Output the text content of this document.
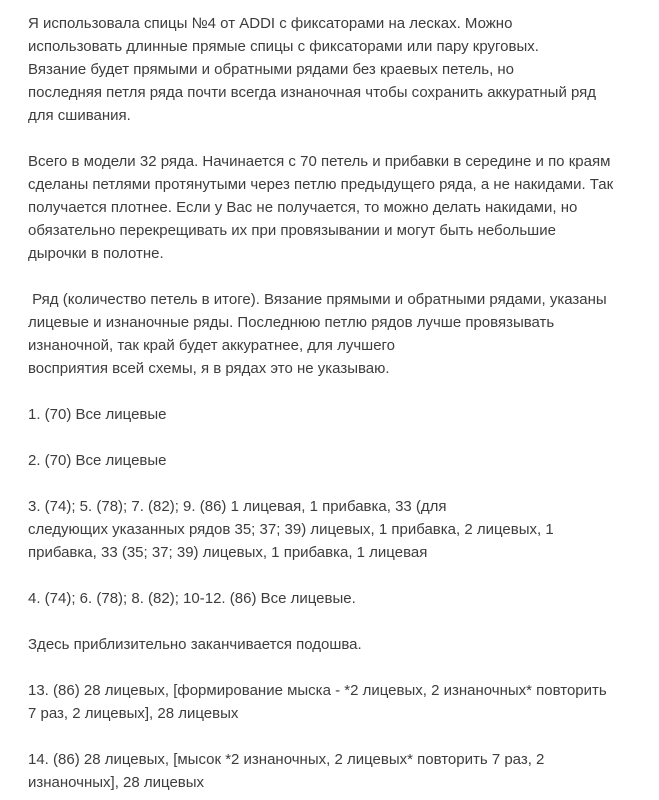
Я использовала спицы №4 от ADDI с фиксаторами на лесках. Можно
использовать длинные прямые спицы с фиксаторами или пару круговых.
Вязание будет прямыми и обратными рядами без краевых петель, но
последняя петля ряда почти всегда изнаночная чтобы сохранить аккуратный ряд
для сшивания.

Всего в модели 32 ряда. Начинается с 70 петель и прибавки в середине и по краям
сделаны петлями протянутыми через петлю предыдущего ряда, а не накидами. Так
получается плотнее. Если у Вас не получается, то можно делать накидами, но
обязательно перекрещивать их при провязывании и могут быть небольшие
дырочки в полотне.

Ряд (количество петель в итоге). Вязание прямыми и обратными рядами, указаны
лицевые и изнаночные ряды. Последнюю петлю рядов лучше провязывать
изнаночной, так край будет аккуратнее, для лучшего
восприятия всей схемы, я в рядах это не указываю.

1. (70) Все лицевые

2. (70) Все лицевые

3. (74); 5. (78); 7. (82); 9. (86) 1 лицевая, 1 прибавка, 33 (для
следующих указанных рядов 35; 37; 39) лицевых, 1 прибавка, 2 лицевых, 1
прибавка, 33 (35; 37; 39) лицевых, 1 прибавка, 1 лицевая

4. (74); 6. (78); 8. (82); 10-12. (86) Все лицевые.

Здесь приблизительно заканчивается подошва.

13. (86) 28 лицевых, [формирование мыска - *2 лицевых, 2 изнаночных* повторить
7 раз, 2 лицевых], 28 лицевых

14. (86) 28 лицевых, [мысок *2 изнаночных, 2 лицевых* повторить 7 раз, 2
изнаночных], 28 лицевых
